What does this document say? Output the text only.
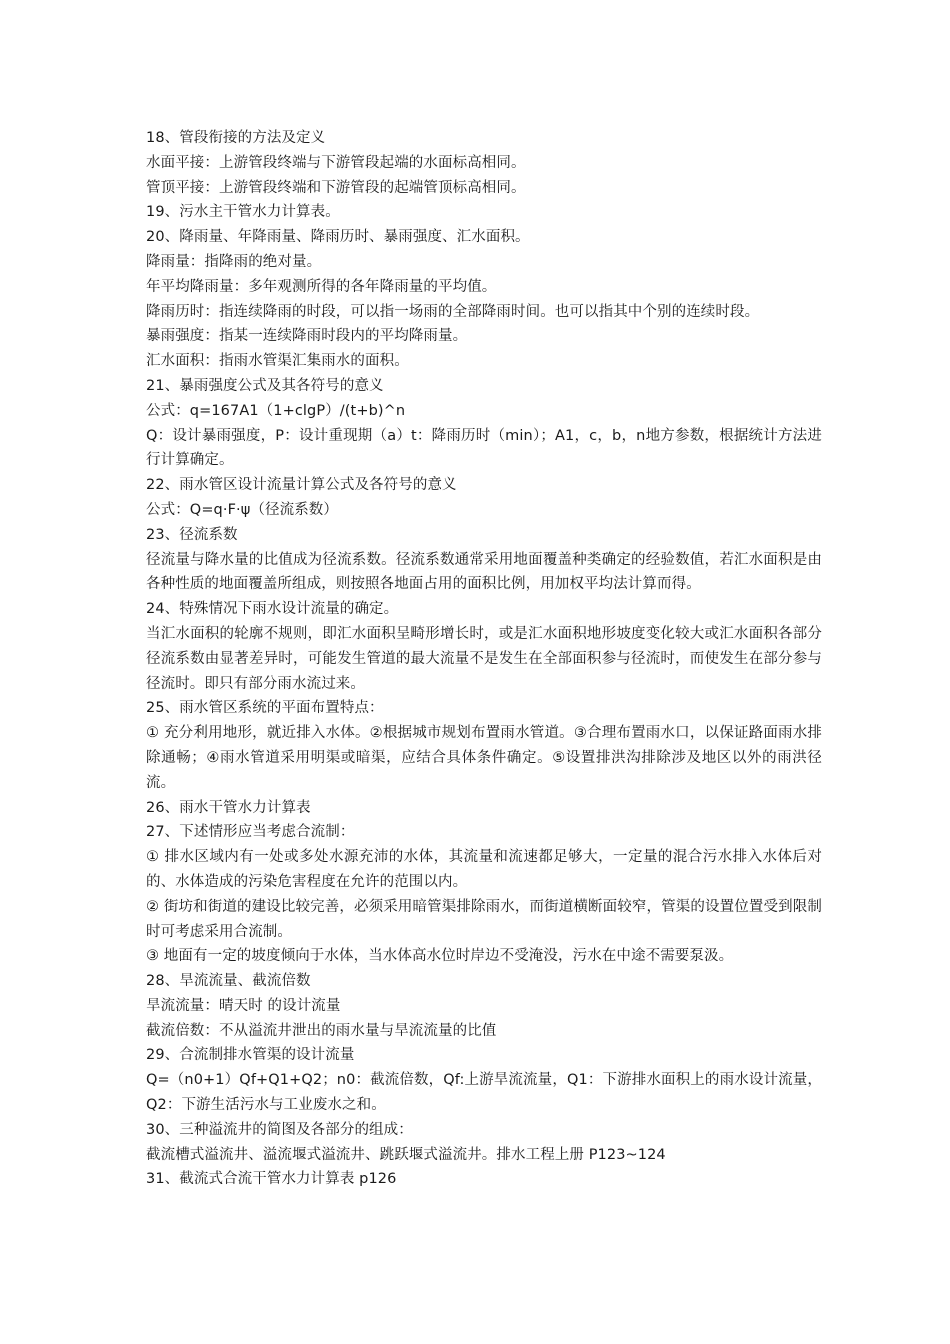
18、管段衔接的方法及定义
水面平接：上游管段终端与下游管段起端的水面标高相同。
管顶平接：上游管段终端和下游管段的起端管顶标高相同。
19、污水主干管水力计算表。
20、降雨量、年降雨量、降雨历时、暴雨强度、汇水面积。
降雨量：指降雨的绝对量。
年平均降雨量：多年观测所得的各年降雨量的平均值。
降雨历时：指连续降雨的时段，可以指一场雨的全部降雨时间。也可以指其中个别的连续时段。
暴雨强度：指某一连续降雨时段内的平均降雨量。
汇水面积：指雨水管渠汇集雨水的面积。
21、暴雨强度公式及其各符号的意义
公式：q=167A1（1+clgP）/(t+b)^n
Q：设计暴雨强度，P：设计重现期（a）t：降雨历时（min）；A1，c，b，n地方参数，根据统计方法进行计算确定。
22、雨水管区设计流量计算公式及各符号的意义
公式：Q=q·F·ψ（径流系数）
23、径流系数
径流量与降水量的比值成为径流系数。径流系数通常采用地面覆盖种类确定的经验数值，若汇水面积是由各种性质的地面覆盖所组成，则按照各地面占用的面积比例，用加权平均法计算而得。
24、特殊情况下雨水设计流量的确定。
当汇水面积的轮廓不规则，即汇水面积呈畸形增长时，或是汇水面积地形坡度变化较大或汇水面积各部分径流系数由显著差异时，可能发生管道的最大流量不是发生在全部面积参与径流时，而使发生在部分参与径流时。即只有部分雨水流过来。
25、雨水管区系统的平面布置特点：
① 充分利用地形，就近排入水体。②根据城市规划布置雨水管道。③合理布置雨水口，以保证路面雨水排除通畅；④雨水管道采用明渠或暗渠，应结合具体条件确定。⑤设置排洪沟排除涉及地区以外的雨洪径流。
26、雨水干管水力计算表
27、下述情形应当考虑合流制：
① 排水区域内有一处或多处水源充沛的水体，其流量和流速都足够大，一定量的混合污水排入水体后对的、水体造成的污染危害程度在允许的范围以内。
② 街坊和街道的建设比较完善，必须采用暗管渠排除雨水，而街道横断面较窄，管渠的设置位置受到限制时可考虑采用合流制。
③ 地面有一定的坡度倾向于水体，当水体高水位时岸边不受淹没，污水在中途不需要泵汲。
28、旱流流量、截流倍数
旱流流量：晴天时 的设计流量
截流倍数：不从溢流井泄出的雨水量与旱流流量的比值
29、合流制排水管渠的设计流量
Q=（n0+1）Qf+Q1+Q2；n0：截流倍数，Qf:上游旱流流量，Q1：下游排水面积上的雨水设计流量，Q2：下游生活污水与工业废水之和。
30、三种溢流井的简图及各部分的组成：
截流槽式溢流井、溢流堰式溢流井、跳跃堰式溢流井。排水工程上册 P123~124
31、截流式合流干管水力计算表 p126
